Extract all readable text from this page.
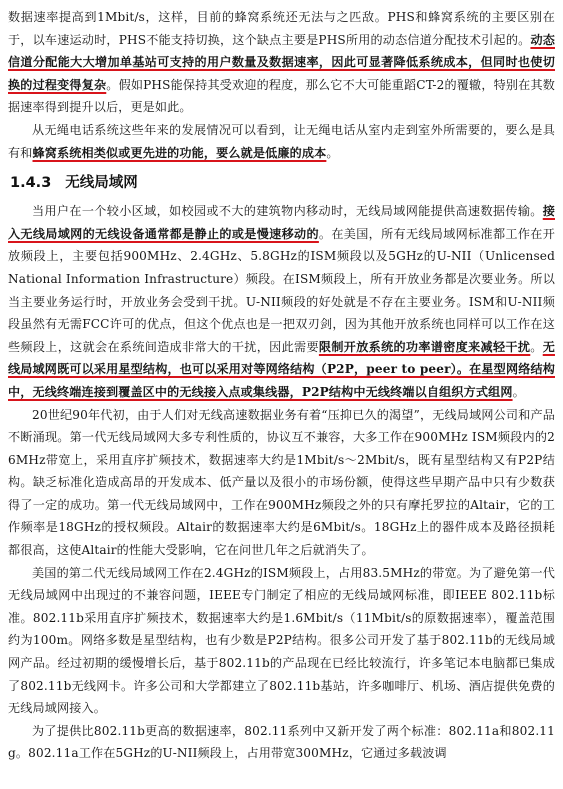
数据速率提高到1Mbit/s，这样，目前的蜂窝系统还无法与之匹敌。PHS和蜂窝系统的主要区别在于，以车速运动时，PHS不能支持切换，这个缺点主要是PHS所用的动态信道分配技术引起的。动态信道分配能大大增加单基站可支持的用户数量及数据速率，因此可显著降低系统成本，但同时也使切换的过程变得复杂。假如PHS能保持其受欢迎的程度，那么它不大可能重蹈CT-2的覆辙，特别在其数据速率得到提升以后，更是如此。

从无绳电话系统这些年来的发展情况可以看到，让无绳电话从室内走到室外所需要的，要么是具有和蜂窝系统相类似或更先进的功能，要么就是低廉的成本。

1.4.3 无线局域网

当用户在一个较小区域，如校园或不大的建筑物内移动时，无线局域网能提供高速数据传输。接入无线局域网的无线设备通常都是静止的或是慢速移动的。在美国，所有无线局域网标准都工作在开放频段上，主要包括900MHz、2.4GHz、5.8GHz的ISM频段以及5GHz的U-NII（Unlicensed National Information Infrastructure）频段。在ISM频段上，所有开放业务都是次要业务。所以当主要业务运行时，开放业务会受到干扰。U-NII频段的好处就是不存在主要业务。ISM和U-NII频段虽然有无需FCC许可的优点，但这个优点也是一把双刃剑，因为其他开放系统也同样可以工作在这些频段上，这就会在系统间造成非常大的干扰，因此需要限制开放系统的功率谱密度来减轻干扰。无线局域网既可以采用星型结构，也可以采用对等网络结构（P2P，peer to peer）。在星型网络结构中，无线终端连接到覆盖区中的无线接入点或集线器，P2P结构中无线终端以自组织方式组网。

20世纪90年代初，由于人们对无线高速数据业务有着“压抑已久的渴望”，无线局域网公司和产品不断涌现。第一代无线局域网大多专利性质的，协议互不兼容，大多工作在900MHz ISM频段内的26MHz带宽上，采用直序扩频技术，数据速率大约是1Mbit/s～2Mbit/s，既有星型结构又有P2P结构。缺乏标准化造成高昂的开发成本、低产量以及很小的市场份额，使得这些早期产品中只有少数获得了一定的成功。第一代无线局域网中，工作在900MHz频段之外的只有摩托罗拉的Altair，它的工作频率是18GHz的授权频段。Altair的数据速率大约是6Mbit/s。18GHz上的器件成本及路径损耗都很高，这使Altair的性能大受影响，它在问世几年之后就消失了。

美国的第二代无线局域网工作在2.4GHz的ISM频段上，占用83.5MHz的带宽。为了避免第一代无线局域网中出现过的不兼容问题，IEEE专门制定了相应的无线局域网标准，即IEEE 802.11b标准。802.11b采用直序扩频技术，数据速率大约是1.6Mbit/s（11Mbit/s的原数据速率），覆盖范围约为100m。网络多数是星型结构，也有少数是P2P结构。很多公司开发了基于802.11b的无线局域网产品。经过初期的缓慢增长后，基于802.11b的产品现在已经比较流行，许多笔记本电脑都已集成了802.11b无线网卡。许多公司和大学都建立了802.11b基站，许多咖啡厅、机场、酒店提供免费的无线局域网接入。

为了提供比802.11b更高的数据速率，802.11系列中又新开发了两个标准：802.11a和802.11g。802.11a工作在5GHz的U-NII频段上，占用带宽300MHz，它通过多载波调
